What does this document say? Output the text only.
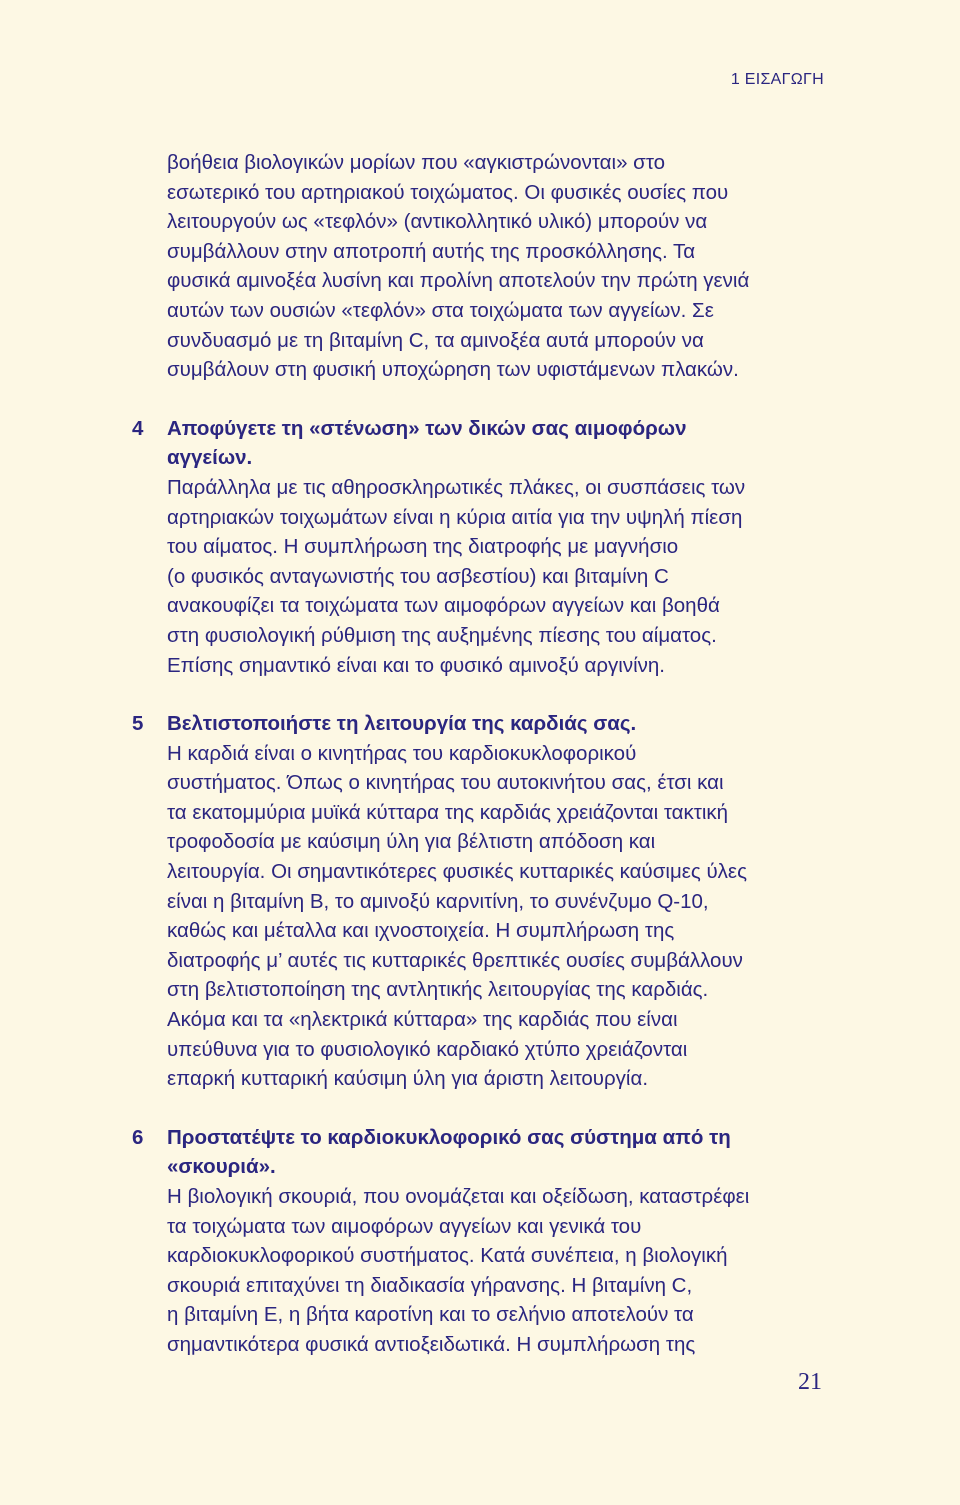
1 ΕΙΣΑΓΩΓΗ

βοήθεια βιολογικών μορίων που «αγκιστρώνονται» στο

εσωτερικό του αρτηριακού τοιχώματος. Οι φυσικές ουσίες που

λειτουργούν ως «τεφλόν» (αντικολλητικό υλικό) μπορούν να

συμβάλλουν στην αποτροπή αυτής της προσκόλλησης. Τα

φυσικά αμινοξέα λυσίνη και προλίνη αποτελούν την πρώτη γενιά

αυτών των ουσιών «τεφλόν» στα τοιχώματα των αγγείων. Σε

συνδυασμό με τη βιταμίνη C, τα αμινοξέα αυτά μπορούν να

συμβάλουν στη φυσική υποχώρηση των υφιστάμενων πλακών.

4 Αποφύγετε τη «στένωση» των δικών σας αιμοφόρων

αγγείων.

Παράλληλα με τις αθηροσκληρωτικές πλάκες, οι συσπάσεις των

αρτηριακών τοιχωμάτων είναι η κύρια αιτία για την υψηλή πίεση

του αίματος. Η συμπλήρωση της διατροφής με μαγνήσιο

(ο φυσικός ανταγωνιστής του ασβεστίου) και βιταμίνη C

ανακουφίζει τα τοιχώματα των αιμοφόρων αγγείων και βοηθά

στη φυσιολογική ρύθμιση της αυξημένης πίεσης του αίματος.

Επίσης σημαντικό είναι και το φυσικό αμινοξύ αργινίνη.

5 Βελτιστοποιήστε τη λειτουργία της καρδιάς σας.

Η καρδιά είναι ο κινητήρας του καρδιοκυκλοφορικού

συστήματος. Όπως ο κινητήρας του αυτοκινήτου σας, έτσι και

τα εκατομμύρια μυϊκά κύτταρα της καρδιάς χρειάζονται τακτική

τροφοδοσία με καύσιμη ύλη για βέλτιστη απόδοση και

λειτουργία. Οι σημαντικότερες φυσικές κυτταρικές καύσιμες ύλες

είναι η βιταμίνη Β, το αμινοξύ καρνιτίνη, το συνένζυμο Q-10,

καθώς και μέταλλα και ιχνοστοιχεία. Η συμπλήρωση της

διατροφής μ’ αυτές τις κυτταρικές θρεπτικές ουσίες συμβάλλουν

στη βελτιστοποίηση της αντλητικής λειτουργίας της καρδιάς.

Ακόμα και τα «ηλεκτρικά κύτταρα» της καρδιάς που είναι

υπεύθυνα για το φυσιολογικό καρδιακό χτύπο χρειάζονται

επαρκή κυτταρική καύσιμη ύλη για άριστη λειτουργία.

6 Προστατέψτε το καρδιοκυκλοφορικό σας σύστημα από τη

«σκουριά».

Η βιολογική σκουριά, που ονομάζεται και οξείδωση, καταστρέφει

τα τοιχώματα των αιμοφόρων αγγείων και γενικά του

καρδιοκυκλοφορικού συστήματος. Κατά συνέπεια, η βιολογική

σκουριά επιταχύνει τη διαδικασία γήρανσης. Η βιταμίνη C,

η βιταμίνη Ε, η βήτα καροτίνη και το σελήνιο αποτελούν τα

σημαντικότερα φυσικά αντιοξειδωτικά. Η συμπλήρωση της

21
